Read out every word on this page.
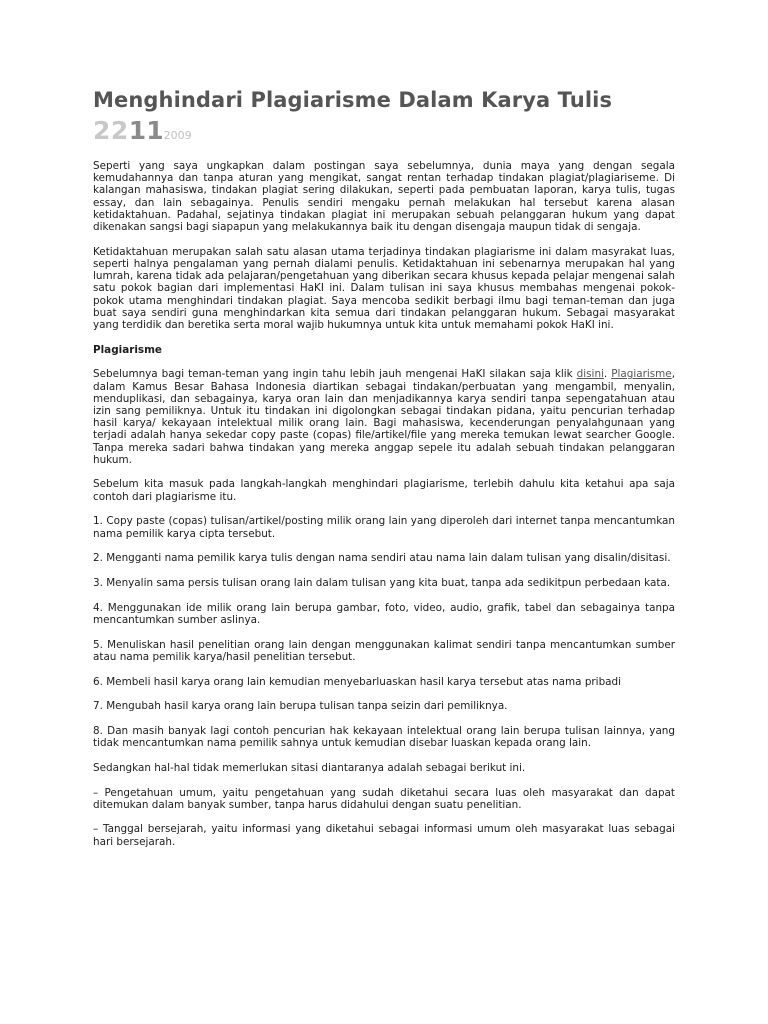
Menghindari Plagiarisme Dalam Karya Tulis
22112009

Seperti yang saya ungkapkan dalam postingan saya sebelumnya, dunia maya yang dengan segala kemudahannya dan tanpa aturan yang mengikat, sangat rentan terhadap tindakan plagiat/plagiariseme. Di kalangan mahasiswa, tindakan plagiat sering dilakukan, seperti pada pembuatan laporan, karya tulis, tugas essay, dan lain sebagainya. Penulis sendiri mengaku pernah melakukan hal tersebut karena alasan ketidaktahuan. Padahal, sejatinya tindakan plagiat ini merupakan sebuah pelanggaran hukum yang dapat dikenakan sangsi bagi siapapun yang melakukannya baik itu dengan disengaja maupun tidak di sengaja.

Ketidaktahuan merupakan salah satu alasan utama terjadinya tindakan plagiarisme ini dalam masyrakat luas, seperti halnya pengalaman yang pernah dialami penulis. Ketidaktahuan ini sebenarnya merupakan hal yang lumrah, karena tidak ada pelajaran/pengetahuan yang diberikan secara khusus kepada pelajar mengenai salah satu pokok bagian dari implementasi HaKI ini. Dalam tulisan ini saya khusus membahas mengenai pokok-pokok utama menghindari tindakan plagiat. Saya mencoba sedikit berbagi ilmu bagi teman-teman dan juga buat saya sendiri guna menghindarkan kita semua dari tindakan pelanggaran hukum. Sebagai masyarakat yang terdidik dan beretika serta moral wajib hukumnya untuk kita untuk memahami pokok HaKI ini.

Plagiarisme

Sebelumnya bagi teman-teman yang ingin tahu lebih jauh mengenai HaKI silakan saja klik disini. Plagiarisme, dalam Kamus Besar Bahasa Indonesia diartikan sebagai tindakan/perbuatan yang mengambil, menyalin, menduplikasi, dan sebagainya, karya oran lain dan menjadikannya karya sendiri tanpa sepengatahuan atau izin sang pemiliknya. Untuk itu tindakan ini digolongkan sebagai tindakan pidana, yaitu pencurian terhadap hasil karya/ kekayaan intelektual milik orang lain. Bagi mahasiswa, kecenderungan penyalahgunaan yang terjadi adalah hanya sekedar copy paste (copas) file/artikel/file yang mereka temukan lewat searcher Google. Tanpa mereka sadari bahwa tindakan yang mereka anggap sepele itu adalah sebuah tindakan pelanggaran hukum.

Sebelum kita masuk pada langkah-langkah menghindari plagiarisme, terlebih dahulu kita ketahui apa saja contoh dari plagiarisme itu.

1. Copy paste (copas) tulisan/artikel/posting milik orang lain yang diperoleh dari internet tanpa mencantumkan nama pemilik karya cipta tersebut.

2. Mengganti nama pemilik karya tulis dengan nama sendiri atau nama lain dalam tulisan yang disalin/disitasi.

3. Menyalin sama persis tulisan orang lain dalam tulisan yang kita buat, tanpa ada sedikitpun perbedaan kata.

4. Menggunakan ide milik orang lain berupa gambar, foto, video, audio, grafik, tabel dan sebagainya tanpa mencantumkan sumber aslinya.

5. Menuliskan hasil penelitian orang lain dengan menggunakan kalimat sendiri tanpa mencantumkan sumber atau nama pemilik karya/hasil penelitian tersebut.

6. Membeli hasil karya orang lain kemudian menyebarluaskan hasil karya tersebut atas nama pribadi

7. Mengubah hasil karya orang lain berupa tulisan tanpa seizin dari pemiliknya.

8. Dan masih banyak lagi contoh pencurian hak kekayaan intelektual orang lain berupa tulisan lainnya, yang tidak mencantumkan nama pemilik sahnya untuk kemudian disebar luaskan kepada orang lain.

Sedangkan hal-hal tidak memerlukan sitasi diantaranya adalah sebagai berikut ini.

– Pengetahuan umum, yaitu pengetahuan yang sudah diketahui secara luas oleh masyarakat dan dapat ditemukan dalam banyak sumber, tanpa harus didahului dengan suatu penelitian.

– Tanggal bersejarah, yaitu informasi yang diketahui sebagai informasi umum oleh masyarakat luas sebagai hari bersejarah.
